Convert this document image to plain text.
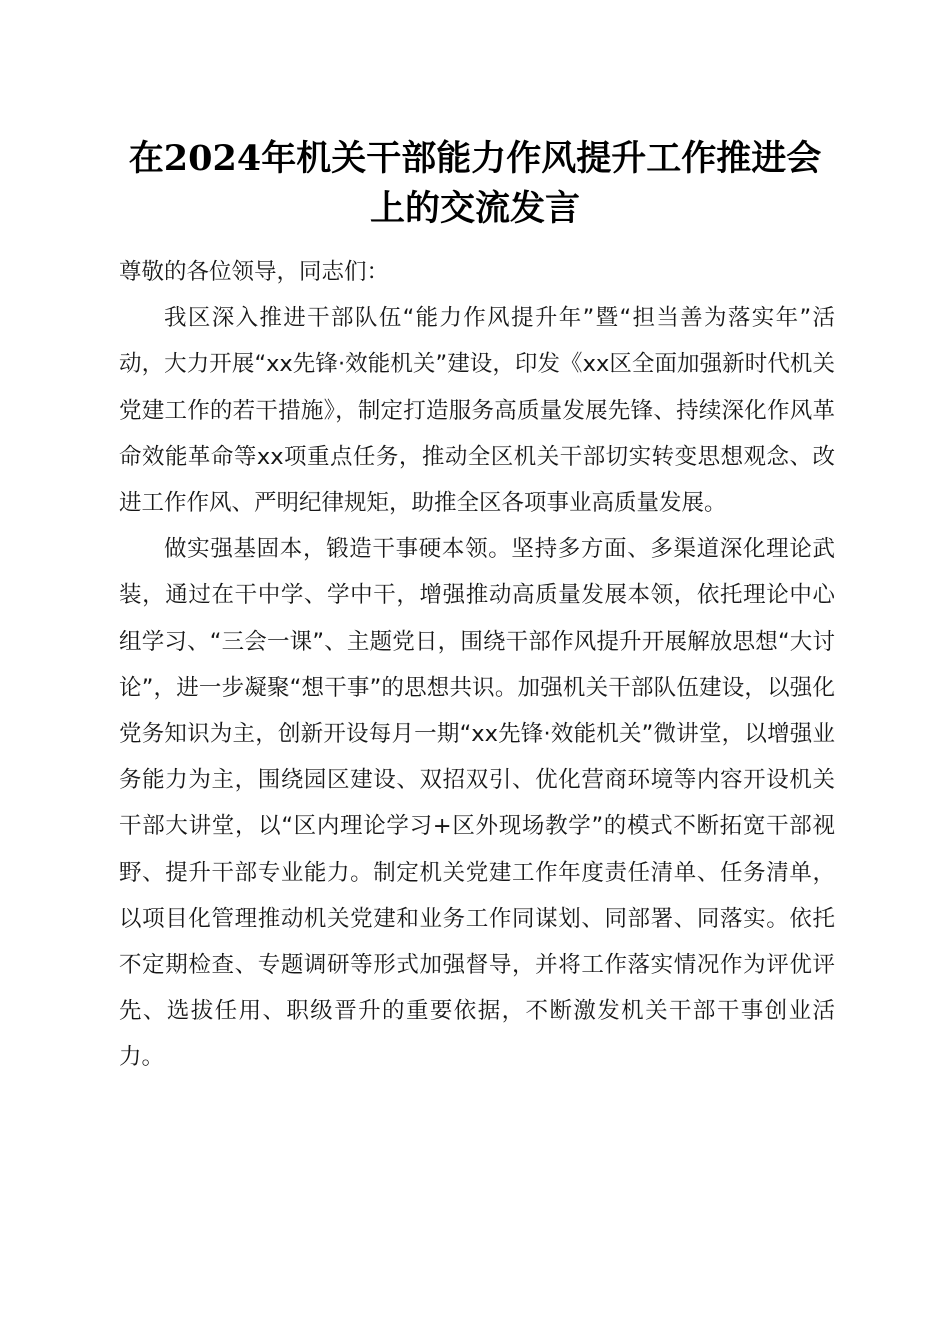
在2024年机关干部能力作风提升工作推进会
上的交流发言

尊敬的各位领导，同志们：

我区深入推进干部队伍“能力作风提升年”暨“担当善为落实年”活动，大力开展“xx先锋·效能机关”建设，印发《xx区全面加强新时代机关党建工作的若干措施》，制定打造服务高质量发展先锋、持续深化作风革命效能革命等xx项重点任务，推动全区机关干部切实转变思想观念、改进工作作风、严明纪律规矩，助推全区各项事业高质量发展。

做实强基固本，锻造干事硬本领。坚持多方面、多渠道深化理论武装，通过在干中学、学中干，增强推动高质量发展本领，依托理论中心组学习、“三会一课”、主题党日，围绕干部作风提升开展解放思想“大讨论”，进一步凝聚“想干事”的思想共识。加强机关干部队伍建设，以强化党务知识为主，创新开设每月一期“xx先锋·效能机关”微讲堂，以增强业务能力为主，围绕园区建设、双招双引、优化营商环境等内容开设机关干部大讲堂，以“区内理论学习+区外现场教学”的模式不断拓宽干部视野、提升干部专业能力。制定机关党建工作年度责任清单、任务清单，以项目化管理推动机关党建和业务工作同谋划、同部署、同落实。依托不定期检查、专题调研等形式加强督导，并将工作落实情况作为评优评先、选拔任用、职级晋升的重要依据，不断激发机关干部干事创业活力。
